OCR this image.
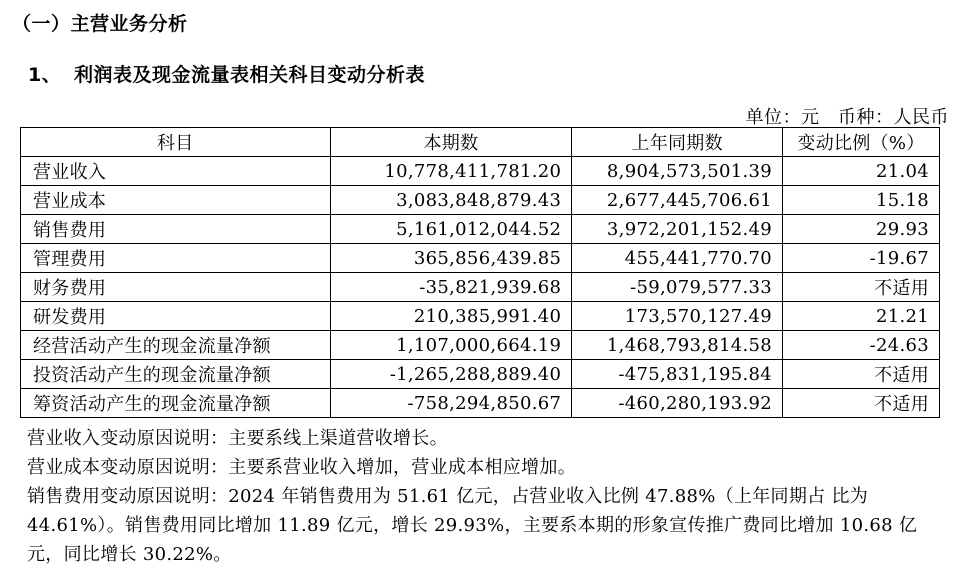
（一）主营业务分析
1、 利润表及现金流量表相关科目变动分析表
单位：元　币种：人民币
科目	本期数	上年同期数	变动比例（%）
营业收入	10,778,411,781.20	8,904,573,501.39	21.04
营业成本	3,083,848,879.43	2,677,445,706.61	15.18
销售费用	5,161,012,044.52	3,972,201,152.49	29.93
管理费用	365,856,439.85	455,441,770.70	-19.67
财务费用	-35,821,939.68	-59,079,577.33	不适用
研发费用	210,385,991.40	173,570,127.49	21.21
经营活动产生的现金流量净额	1,107,000,664.19	1,468,793,814.58	-24.63
投资活动产生的现金流量净额	-1,265,288,889.40	-475,831,195.84	不适用
筹资活动产生的现金流量净额	-758,294,850.67	-460,280,193.92	不适用

营业收入变动原因说明：主要系线上渠道营收增长。

营业成本变动原因说明：主要系营业收入增加，营业成本相应增加。

销售费用变动原因说明：2024 年销售费用为 51.61 亿元，占营业收入比例 47.88%（上年同期占 比为 44.61%）。销售费用同比增加 11.89 亿元，增长 29.93%，主要系本期的形象宣传推广费同比增加 10.68 亿元，同比增长 30.22%。
